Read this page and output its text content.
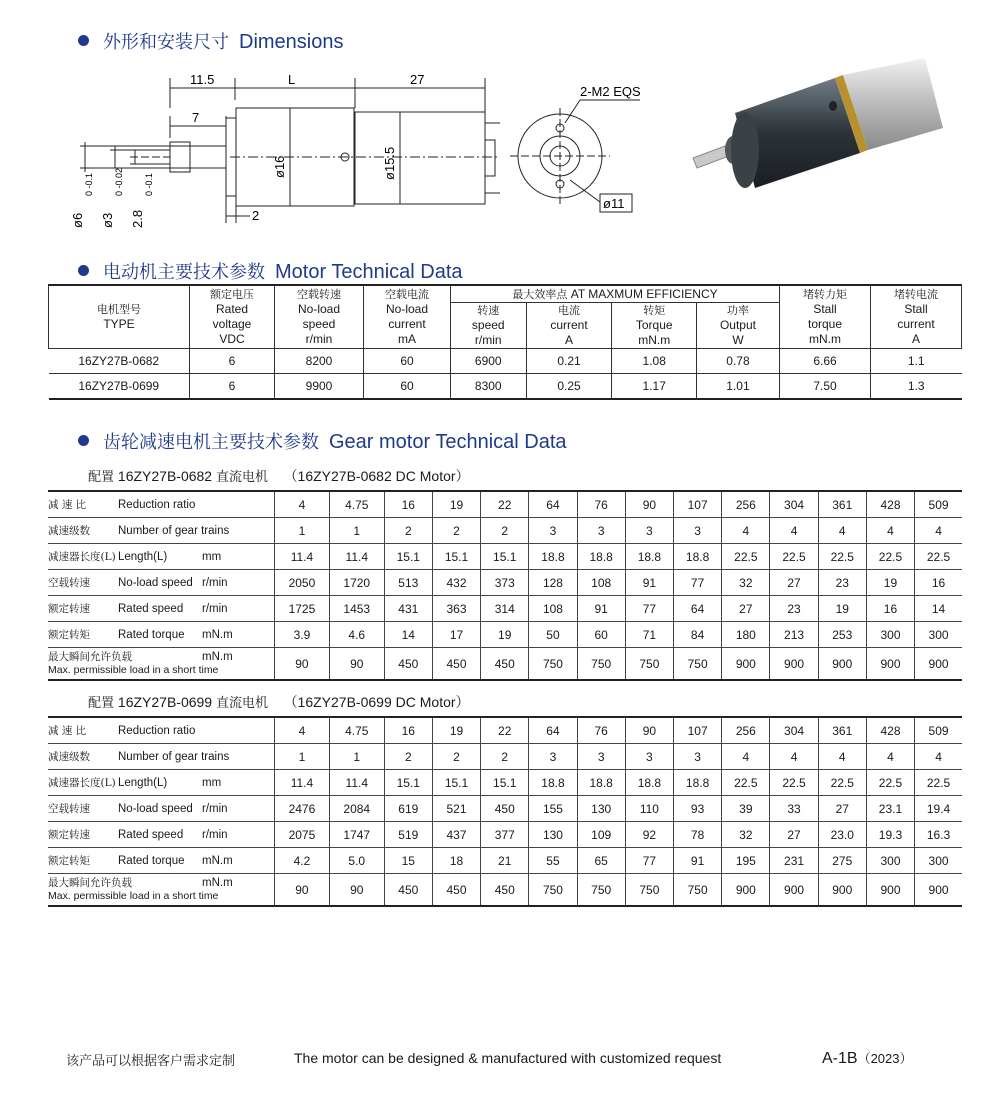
外形和安装尺寸 Dimensions
11.5	L	27
7
2
ø16	ø15.5
ø6
0 -0.1
ø3
0 -0.02
2.8
0 -0.1
2-M2 EQS
ø11
电动机主要技术参数 Motor Technical Data
电机型号
TYPE	额定电压
Rated
voltage
VDC	空载转速
No-load
speed
r/min	空载电流
No-load
current
mA	最大效率点 AT MAXMUM EFFICIENCY				堵转力矩
Stall
torque
mN.m	堵转电流
Stall
current
A
				转速
speed
r/min	电流
current
A	转矩
Torque
mN.m	功率
Output
W		
16ZY27B-0682	6	8200	60	6900	0.21	1.08	0.78	6.66	1.1
16ZY27B-0699	6	9900	60	8300	0.25	1.17	1.01	7.50	1.3
齿轮减速电机主要技术参数 Gear motor Technical Data
配置 16ZY27B-0682 直流电机 （16ZY27B-0682 DC Motor）
减 速 比 Reduction ratio	4	4.75	16	19	22	64	76	90	107	256	304	361	428	509
减速级数 Number of gear trains	1	1	2	2	2	3	3	3	3	4	4	4	4	4
减速器长度(L) Length(L) mm	11.4	11.4	15.1	15.1	15.1	18.8	18.8	18.8	18.8	22.5	22.5	22.5	22.5	22.5
空载转速 No-load speed r/min	2050	1720	513	432	373	128	108	91	77	32	27	23	19	16
额定转速 Rated speed r/min	1725	1453	431	363	314	108	91	77	64	27	23	19	16	14
额定转矩 Rated torque mN.m	3.9	4.6	14	17	19	50	60	71	84	180	213	253	300	300
最大瞬间允许负载
Max. permissible load in a short time
mN.m	90	90	450	450	450	750	750	750	750	900	900	900	900	900
配置 16ZY27B-0699 直流电机 （16ZY27B-0699 DC Motor）
减 速 比 Reduction ratio	4	4.75	16	19	22	64	76	90	107	256	304	361	428	509
减速级数 Number of gear trains	1	1	2	2	2	3	3	3	3	4	4	4	4	4
减速器长度(L) Length(L) mm	11.4	11.4	15.1	15.1	15.1	18.8	18.8	18.8	18.8	22.5	22.5	22.5	22.5	22.5
空载转速 No-load speed r/min	2476	2084	619	521	450	155	130	110	93	39	33	27	23.1	19.4
额定转速 Rated speed r/min	2075	1747	519	437	377	130	109	92	78	32	27	23.0	19.3	16.3
额定转矩 Rated torque mN.m	4.2	5.0	15	18	21	55	65	77	91	195	231	275	300	300
最大瞬间允许负载
Max. permissible load in a short time
mN.m	90	90	450	450	450	750	750	750	750	900	900	900	900	900
该产品可以根据客户需求定制	The motor can be designed & manufactured with customized request	A-1B（2023）
